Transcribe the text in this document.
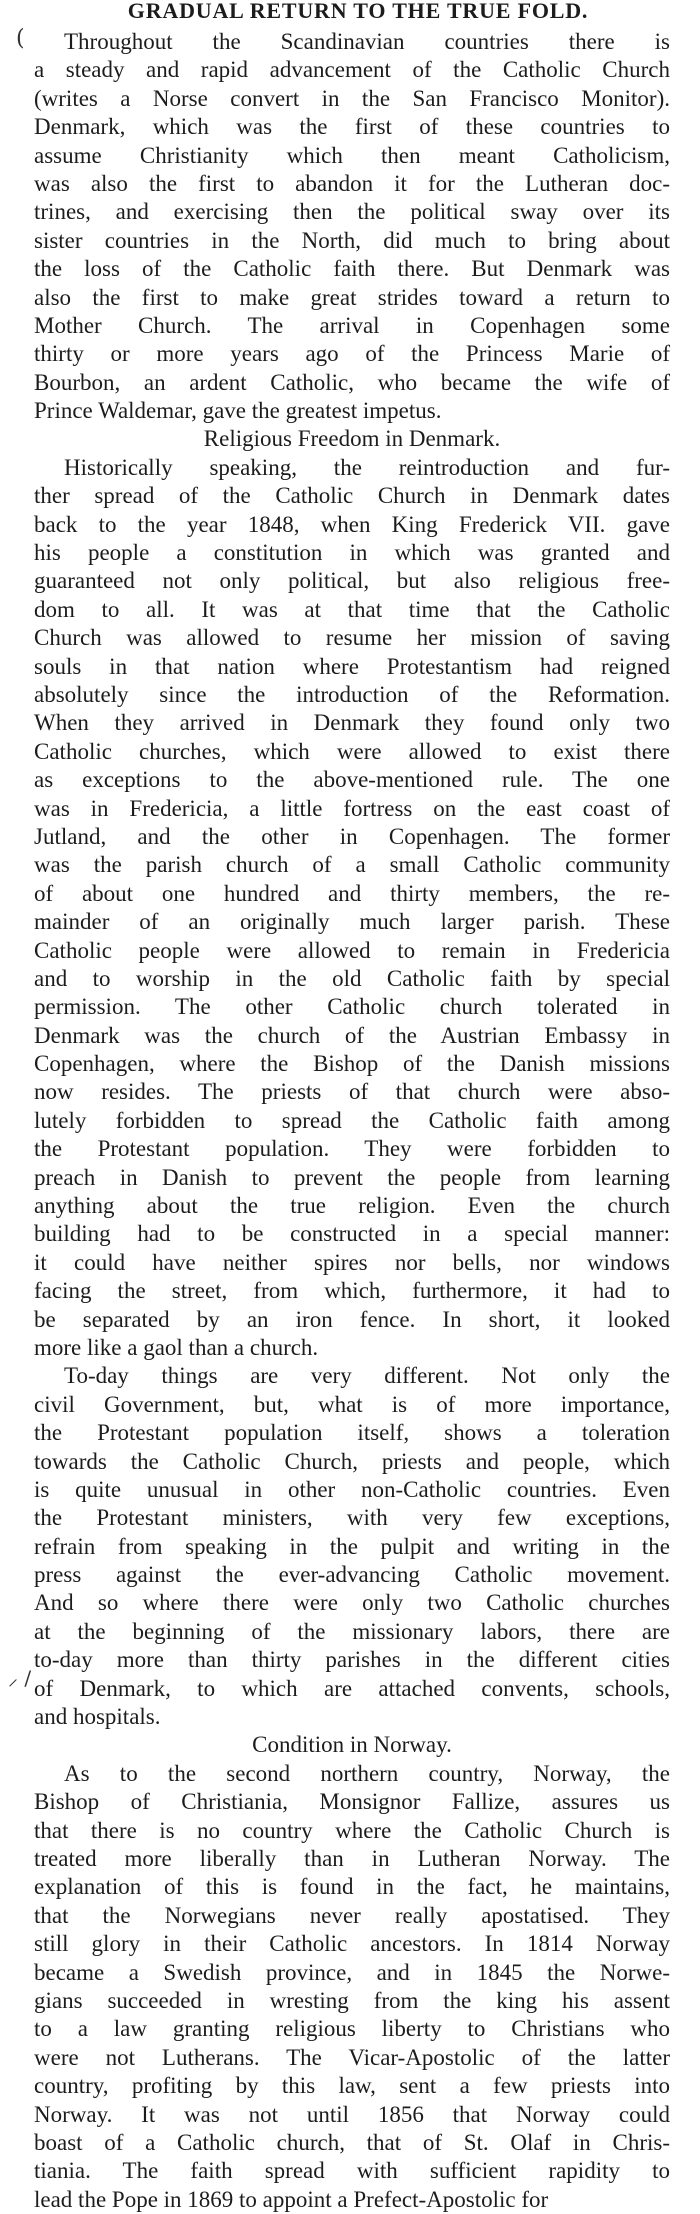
(
⸝ /
GRADUAL RETURN TO THE TRUE FOLD.
Throughout the Scandinavian countries there is
a steady and rapid advancement of the Catholic Church
(writes a Norse convert in the San Francisco Monitor).
Denmark, which was the first of these countries to
assume Christianity which then meant Catholicism,
was also the first to abandon it for the Lutheran doc-
trines, and exercising then the political sway over its
sister countries in the North, did much to bring about
the loss of the Catholic faith there. But Denmark was
also the first to make great strides toward a return to
Mother Church. The arrival in Copenhagen some
thirty or more years ago of the Princess Marie of
Bourbon, an ardent Catholic, who became the wife of
Prince Waldemar, gave the greatest impetus.
Religious Freedom in Denmark.
Historically speaking, the reintroduction and fur-
ther spread of the Catholic Church in Denmark dates
back to the year 1848, when King Frederick VII. gave
his people a constitution in which was granted and
guaranteed not only political, but also religious free-
dom to all. It was at that time that the Catholic
Church was allowed to resume her mission of saving
souls in that nation where Protestantism had reigned
absolutely since the introduction of the Reformation.
When they arrived in Denmark they found only two
Catholic churches, which were allowed to exist there
as exceptions to the above-mentioned rule. The one
was in Fredericia, a little fortress on the east coast of
Jutland, and the other in Copenhagen. The former
was the parish church of a small Catholic community
of about one hundred and thirty members, the re-
mainder of an originally much larger parish. These
Catholic people were allowed to remain in Fredericia
and to worship in the old Catholic faith by special
permission. The other Catholic church tolerated in
Denmark was the church of the Austrian Embassy in
Copenhagen, where the Bishop of the Danish missions
now resides. The priests of that church were abso-
lutely forbidden to spread the Catholic faith among
the Protestant population. They were forbidden to
preach in Danish to prevent the people from learning
anything about the true religion. Even the church
building had to be constructed in a special manner:
it could have neither spires nor bells, nor windows
facing the street, from which, furthermore, it had to
be separated by an iron fence. In short, it looked
more like a gaol than a church.
To-day things are very different. Not only the
civil Government, but, what is of more importance,
the Protestant population itself, shows a toleration
towards the Catholic Church, priests and people, which
is quite unusual in other non-Catholic countries. Even
the Protestant ministers, with very few exceptions,
refrain from speaking in the pulpit and writing in the
press against the ever-advancing Catholic movement.
And so where there were only two Catholic churches
at the beginning of the missionary labors, there are
to-day more than thirty parishes in the different cities
of Denmark, to which are attached convents, schools,
and hospitals.
Condition in Norway.
As to the second northern country, Norway, the
Bishop of Christiania, Monsignor Fallize, assures us
that there is no country where the Catholic Church is
treated more liberally than in Lutheran Norway. The
explanation of this is found in the fact, he maintains,
that the Norwegians never really apostatised. They
still glory in their Catholic ancestors. In 1814 Norway
became a Swedish province, and in 1845 the Norwe-
gians succeeded in wresting from the king his assent
to a law granting religious liberty to Christians who
were not Lutherans. The Vicar-Apostolic of the latter
country, profiting by this law, sent a few priests into
Norway. It was not until 1856 that Norway could
boast of a Catholic church, that of St. Olaf in Chris-
tiania. The faith spread with sufficient rapidity to
lead the Pope in 1869 to appoint a Prefect-Apostolic for
